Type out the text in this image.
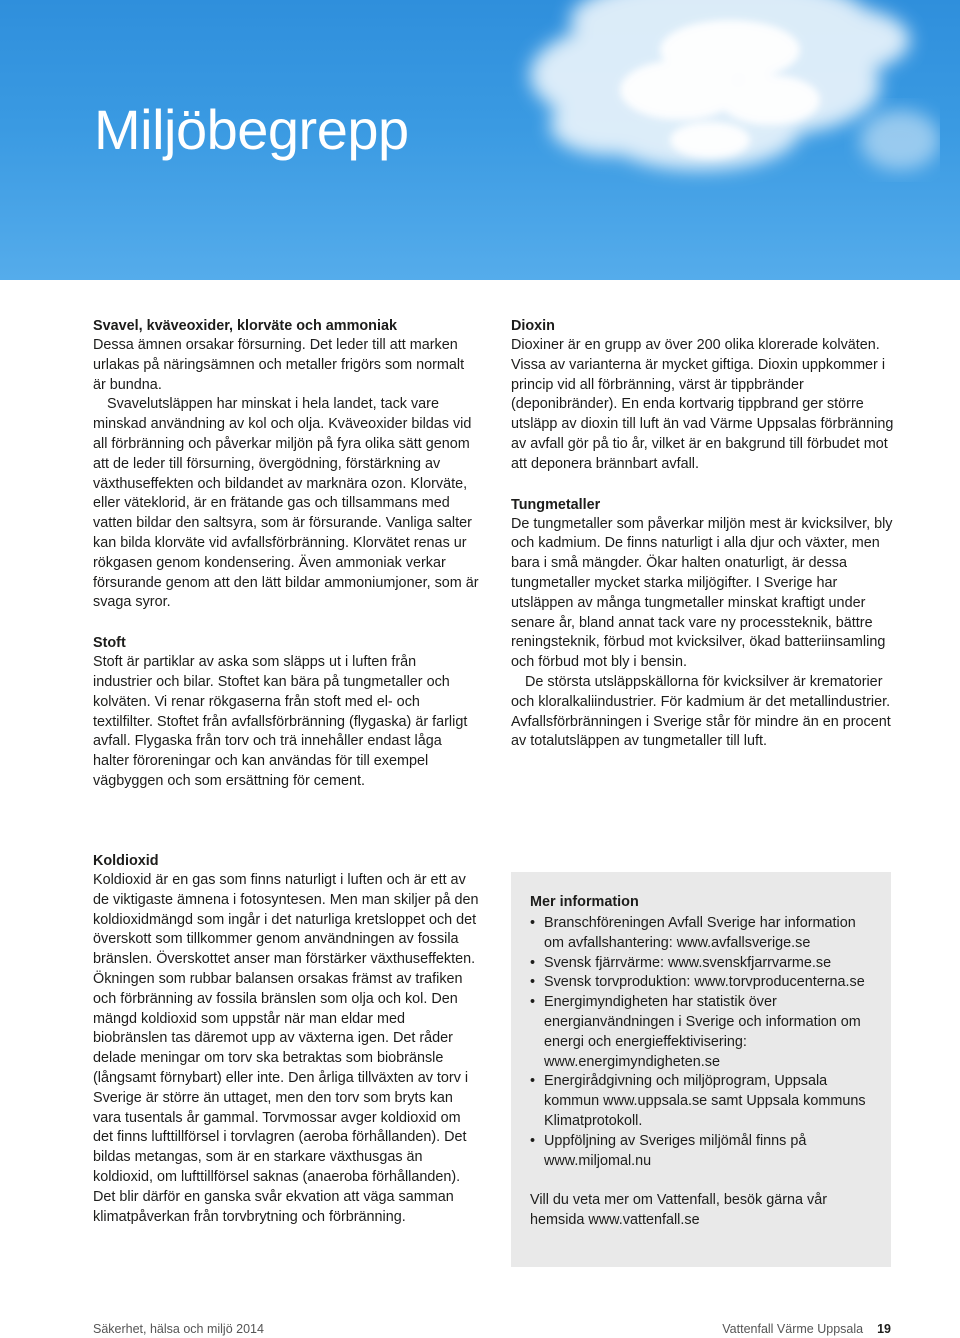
Miljöbegrepp
Svavel, kväveoxider, klorväte och ammoniak

Dessa ämnen orsakar försurning. Det leder till att marken urlakas på näringsämnen och metaller frigörs som normalt är bundna.

Svavelutsläppen har minskat i hela landet, tack vare minskad användning av kol och olja. Kväveoxider bildas vid all förbränning och påverkar miljön på fyra olika sätt genom att de leder till försurning, övergödning, förstärkning av växthuseffekten och bildandet av marknära ozon. Klorväte, eller väteklorid, är en frätande gas och tillsammans med vatten bildar den saltsyra, som är försurande. Vanliga salter kan bilda klorväte vid avfallsförbränning. Klorvätet renas ur rökgasen genom kondensering. Även ammoniak verkar försurande genom att den lätt bildar ammoniumjoner, som är svaga syror.

Stoft

Stoft är partiklar av aska som släpps ut i luften från industrier och bilar. Stoftet kan bära på tungmetaller och kolväten. Vi renar rökgaserna från stoft med el- och textilfilter. Stoftet från avfallsförbränning (flygaska) är farligt avfall. Flygaska från torv och trä innehåller endast låga halter föroreningar och kan användas för till exempel vägbyggen och som ersättning för cement.

Koldioxid

Koldioxid är en gas som finns naturligt i luften och är ett av de viktigaste ämnena i fotosyntesen. Men man skiljer på den koldioxidmängd som ingår i det naturliga kretsloppet och det överskott som tillkommer genom användningen av fossila bränslen. Överskottet anser man förstärker växthuseffekten. Ökningen som rubbar balansen orsakas främst av trafiken och förbränning av fossila bränslen som olja och kol. Den mängd koldioxid som uppstår när man eldar med biobränslen tas däremot upp av växterna igen. Det råder delade meningar om torv ska betraktas som biobränsle (långsamt förnybart) eller inte. Den årliga tillväxten av torv i Sverige är större än uttaget, men den torv som bryts kan vara tusentals år gammal. Torvmossar avger koldioxid om det finns lufttillförsel i torvlagren (aeroba förhållanden). Det bildas metangas, som är en starkare växthusgas än koldioxid, om lufttillförsel saknas (anaeroba förhållanden). Det blir därför en ganska svår ekvation att väga samman klimatpåverkan från torvbrytning och förbränning.

Dioxin

Dioxiner är en grupp av över 200 olika klorerade kolväten. Vissa av varianterna är mycket giftiga. Dioxin uppkommer i princip vid all förbränning, värst är tippbränder (deponibränder). En enda kortvarig tippbrand ger större utsläpp av dioxin till luft än vad Värme Uppsalas förbränning av avfall gör på tio år, vilket är en bakgrund till förbudet mot att deponera brännbart avfall.

Tungmetaller

De tungmetaller som påverkar miljön mest är kvicksilver, bly och kadmium. De finns naturligt i alla djur och växter, men bara i små mängder. Ökar halten onaturligt, är dessa tungmetaller mycket starka miljögifter. I Sverige har utsläppen av många tungmetaller minskat kraftigt under senare år, bland annat tack vare ny processteknik, bättre reningsteknik, förbud mot kvicksilver, ökad batteriinsamling och förbud mot bly i bensin.

De största utsläppskällorna för kvicksilver är krematorier och kloralkaliindustrier. För kadmium är det metallindustrier. Avfallsförbränningen i Sverige står för mindre än en procent av totalutsläppen av tungmetaller till luft.

Mer information
• Branschföreningen Avfall Sverige har information om avfallshantering: www.avfallsverige.se
• Svensk fjärrvärme: www.svenskfjarrvarme.se
• Svensk torvproduktion: www.torvproducenterna.se
• Energimyndigheten har statistik över energianvändningen i Sverige och information om energi och energieffektivisering: www.energimyndigheten.se
• Energirådgivning och miljöprogram, Uppsala kommun www.uppsala.se samt Uppsala kommuns Klimatprotokoll.
• Uppföljning av Sveriges miljömål finns på www.miljomal.nu

Vill du veta mer om Vattenfall, besök gärna vår hemsida www.vattenfall.se

Säkerhet, hälsa och miljö 2014	Vattenfall Värme Uppsala 19
